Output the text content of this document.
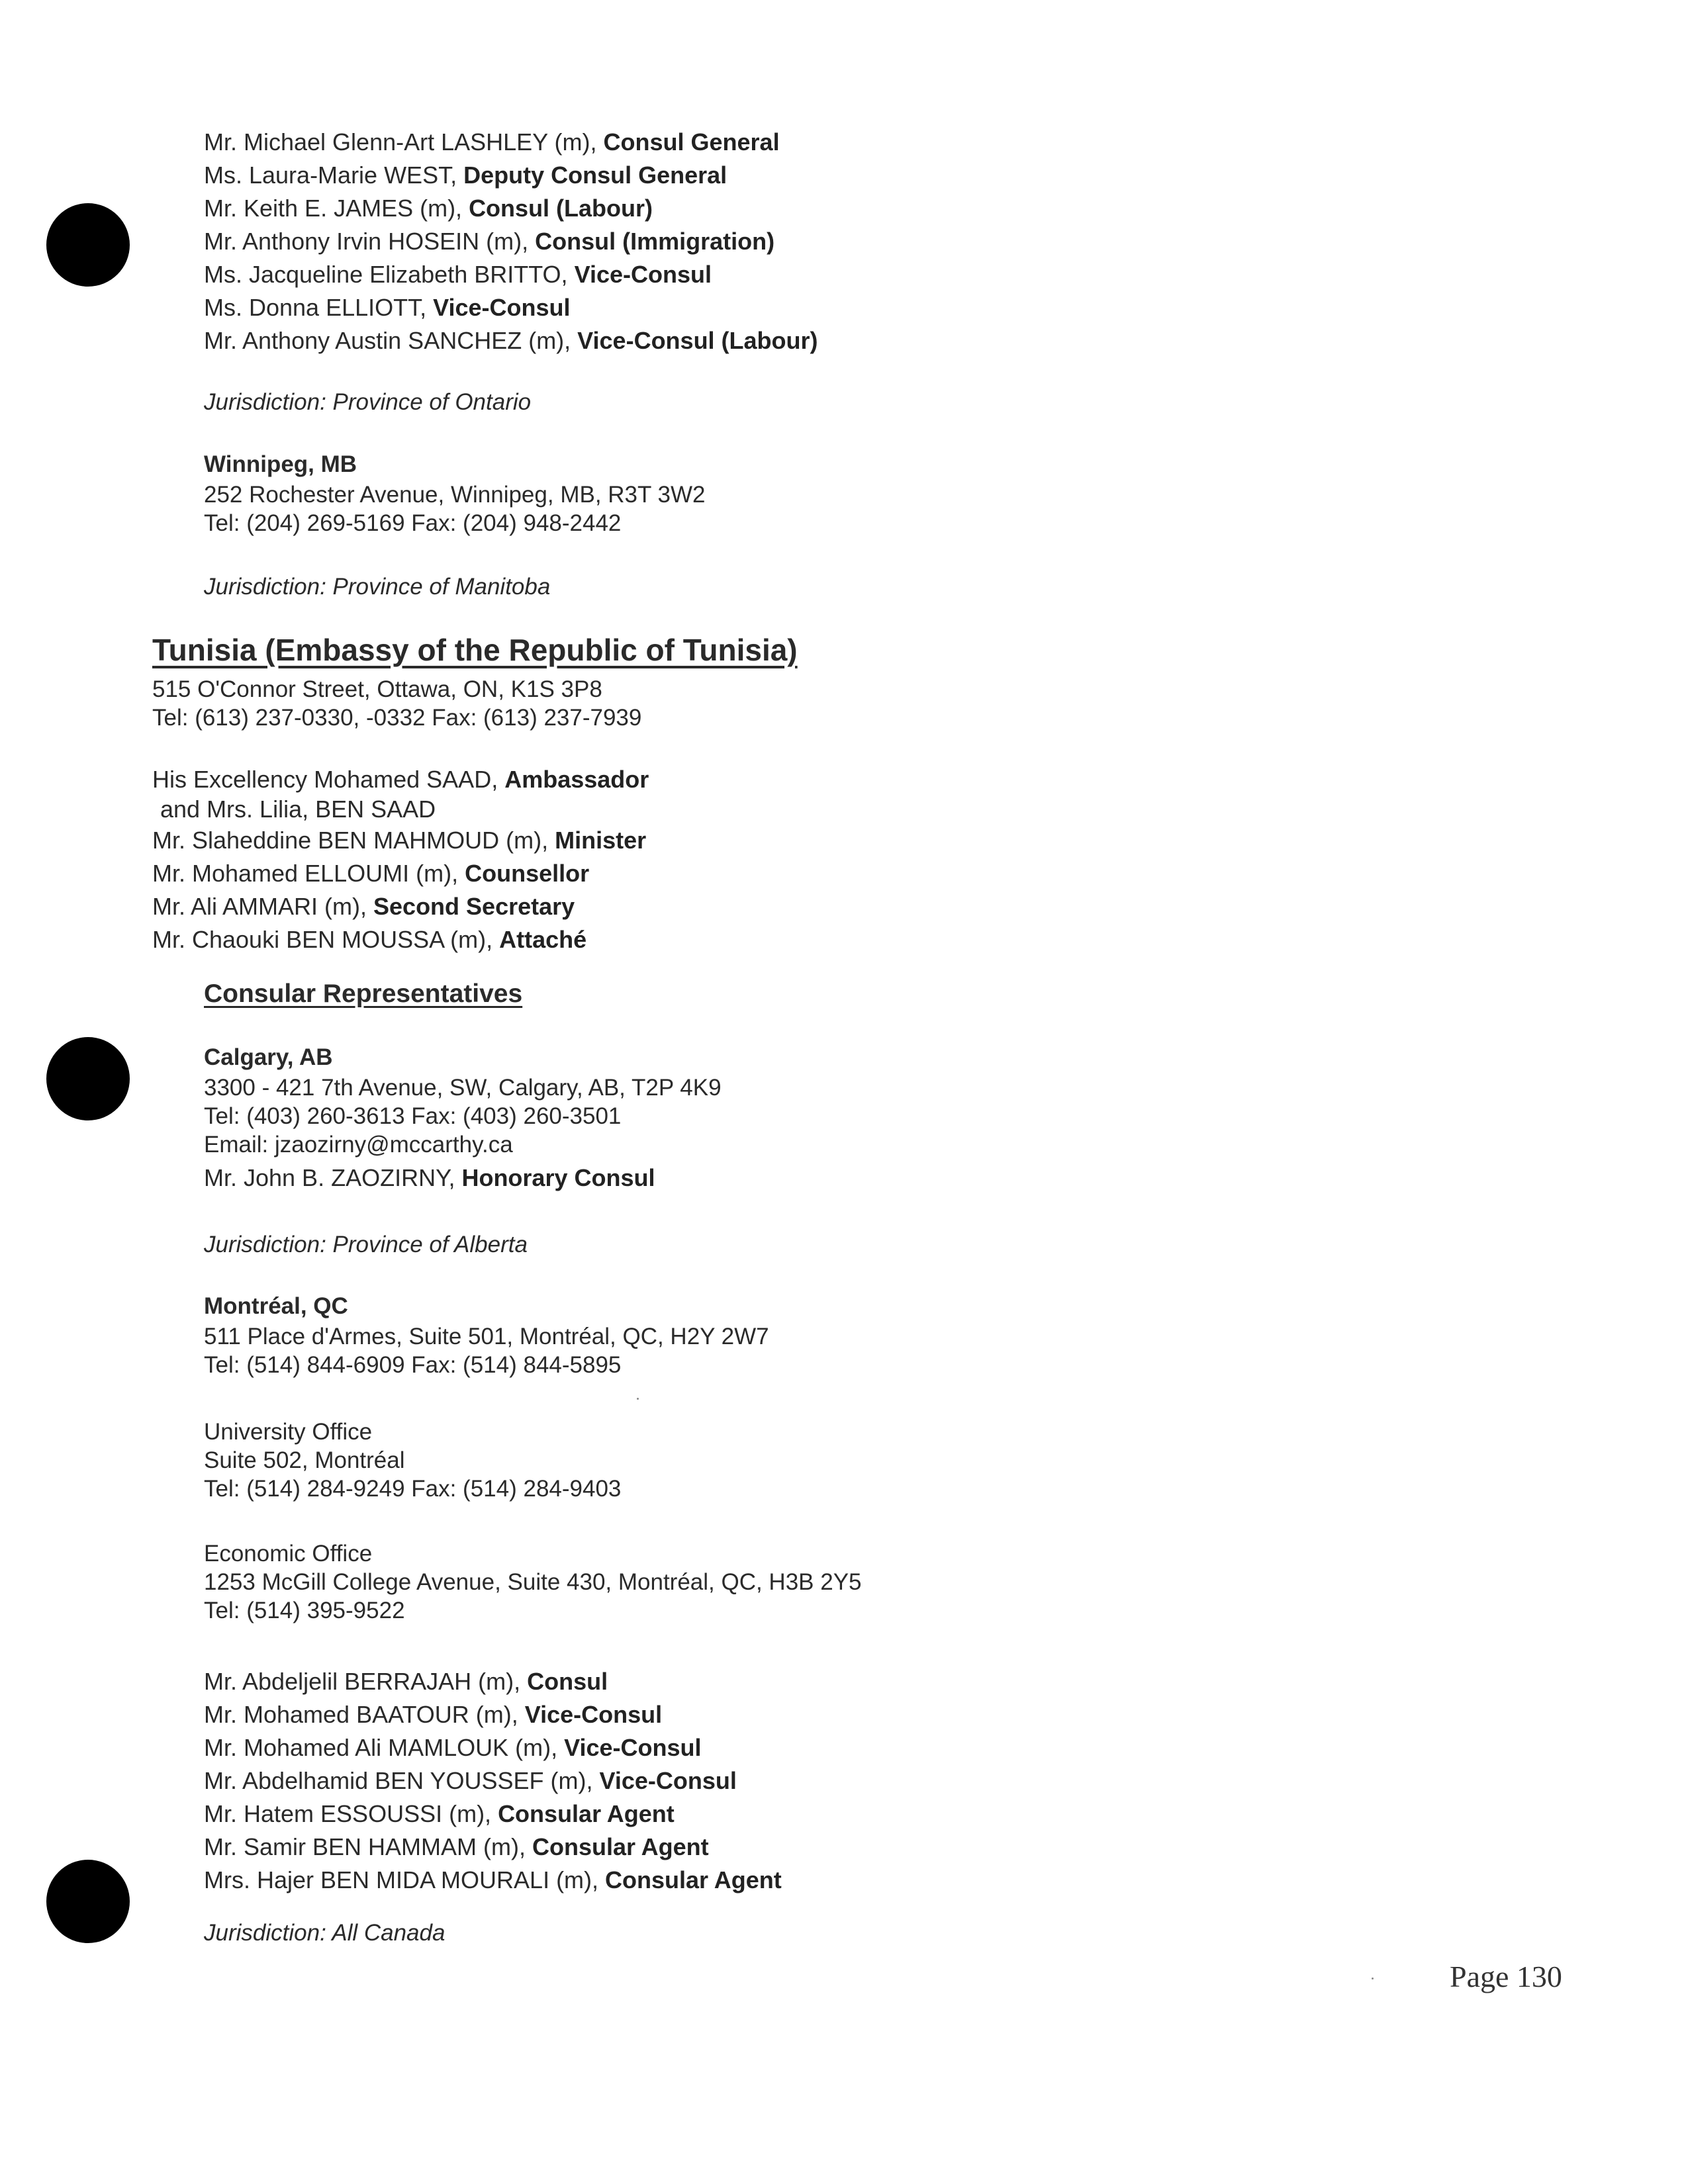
Mr. Michael Glenn-Art LASHLEY (m), Consul General
Ms. Laura-Marie WEST, Deputy Consul General
Mr. Keith E. JAMES (m), Consul (Labour)
Mr. Anthony Irvin HOSEIN (m), Consul (Immigration)
Ms. Jacqueline Elizabeth BRITTO, Vice-Consul
Ms. Donna ELLIOTT, Vice-Consul
Mr. Anthony Austin SANCHEZ (m), Vice-Consul (Labour)
Jurisdiction: Province of Ontario
Winnipeg, MB
252 Rochester Avenue, Winnipeg, MB, R3T 3W2
Tel: (204) 269-5169 Fax: (204) 948-2442
Jurisdiction: Province of Manitoba
Tunisia (Embassy of the Republic of Tunisia)
515 O'Connor Street, Ottawa, ON, K1S 3P8
Tel: (613) 237-0330, -0332 Fax: (613) 237-7939
His Excellency Mohamed SAAD, Ambassador
and Mrs. Lilia, BEN SAAD
Mr. Slaheddine BEN MAHMOUD (m), Minister
Mr. Mohamed ELLOUMI (m), Counsellor
Mr. Ali AMMARI (m), Second Secretary
Mr. Chaouki BEN MOUSSA (m), Attaché
Consular Representatives
Calgary, AB
3300 - 421 7th Avenue, SW, Calgary, AB, T2P 4K9
Tel: (403) 260-3613 Fax: (403) 260-3501
Email: jzaozirny@mccarthy.ca
Mr. John B. ZAOZIRNY, Honorary Consul
Jurisdiction: Province of Alberta
Montréal, QC
511 Place d'Armes, Suite 501, Montréal, QC, H2Y 2W7
Tel: (514) 844-6909 Fax: (514) 844-5895
University Office
Suite 502, Montréal
Tel: (514) 284-9249 Fax: (514) 284-9403
Economic Office
1253 McGill College Avenue, Suite 430, Montréal, QC, H3B 2Y5
Tel: (514) 395-9522
Mr. Abdeljelil BERRAJAH (m), Consul
Mr. Mohamed BAATOUR (m), Vice-Consul
Mr. Mohamed Ali MAMLOUK (m), Vice-Consul
Mr. Abdelhamid BEN YOUSSEF (m), Vice-Consul
Mr. Hatem ESSOUSSI (m), Consular Agent
Mr. Samir BEN HAMMAM (m), Consular Agent
Mrs. Hajer BEN MIDA MOURALI (m), Consular Agent
Jurisdiction: All Canada
Page 130
